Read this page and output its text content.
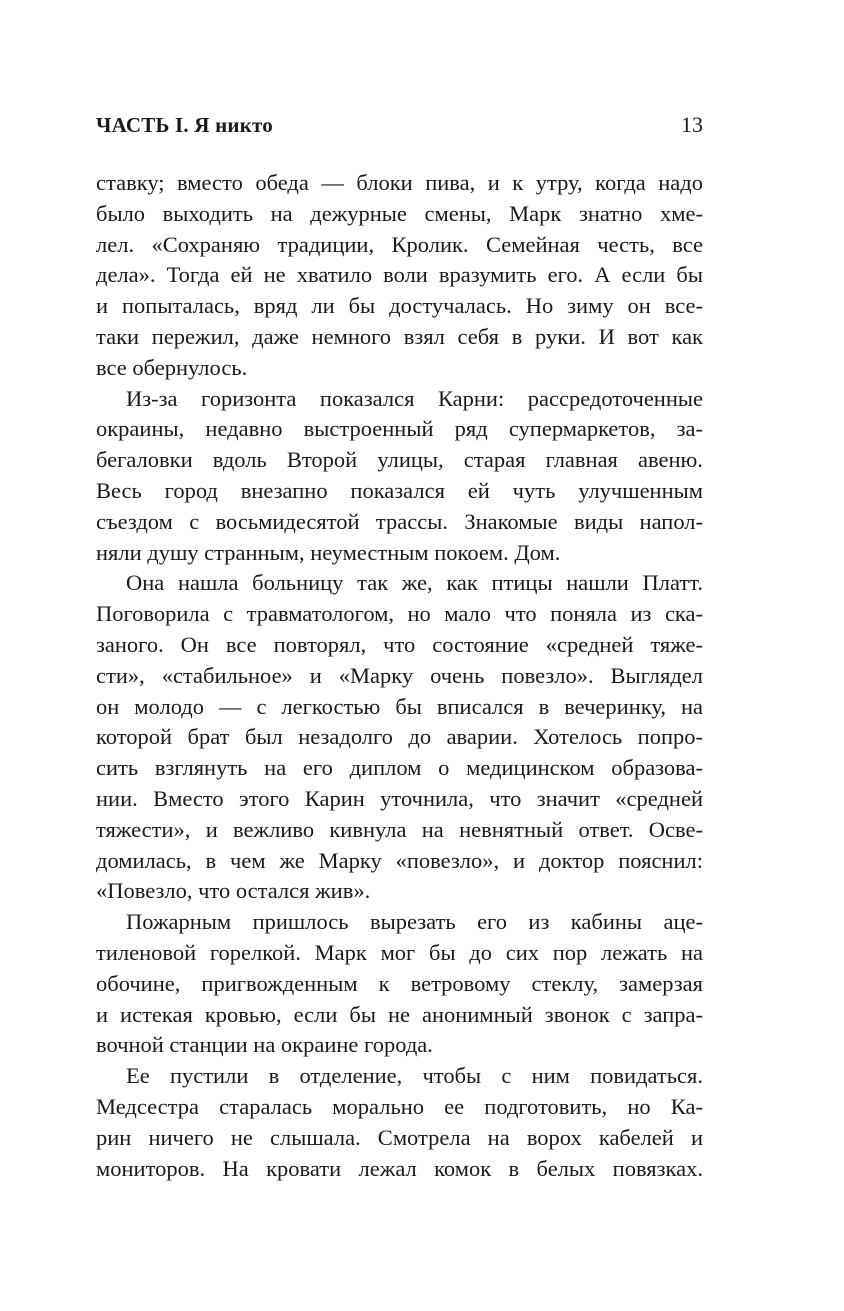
ЧАСТЬ I. Я никто	13
ставку; вместо обеда — блоки пива, и к утру, когда надо
было выходить на дежурные смены, Марк знатно хме-
лел. «Сохраняю традиции, Кролик. Семейная честь, все
дела». Тогда ей не хватило воли вразумить его. А если бы
и попыталась, вряд ли бы достучалась. Но зиму он все-
таки пережил, даже немного взял себя в руки. И вот как
все обернулось.
Из-за горизонта показался Карни: рассредоточенные
окраины, недавно выстроенный ряд супермаркетов, за-
бегаловки вдоль Второй улицы, старая главная авеню.
Весь город внезапно показался ей чуть улучшенным
съездом с восьмидесятой трассы. Знакомые виды напол-
няли душу странным, неуместным покоем. Дом.
Она нашла больницу так же, как птицы нашли Платт.
Поговорила с травматологом, но мало что поняла из ска-
заного. Он все повторял, что состояние «средней тяже-
сти», «стабильное» и «Марку очень повезло». Выглядел
он молодо — с легкостью бы вписался в вечеринку, на
которой брат был незадолго до аварии. Хотелось попро-
сить взглянуть на его диплом о медицинском образова-
нии. Вместо этого Карин уточнила, что значит «средней
тяжести», и вежливо кивнула на невнятный ответ. Осве-
домилась, в чем же Марку «повезло», и доктор пояснил:
«Повезло, что остался жив».
Пожарным пришлось вырезать его из кабины аце-
тиленовой горелкой. Марк мог бы до сих пор лежать на
обочине, пригвожденным к ветровому стеклу, замерзая
и истекая кровью, если бы не анонимный звонок с запра-
вочной станции на окраине города.
Ее пустили в отделение, чтобы с ним повидаться.
Медсестра старалась морально ее подготовить, но Ка-
рин ничего не слышала. Смотрела на ворох кабелей и
мониторов. На кровати лежал комок в белых повязках.
